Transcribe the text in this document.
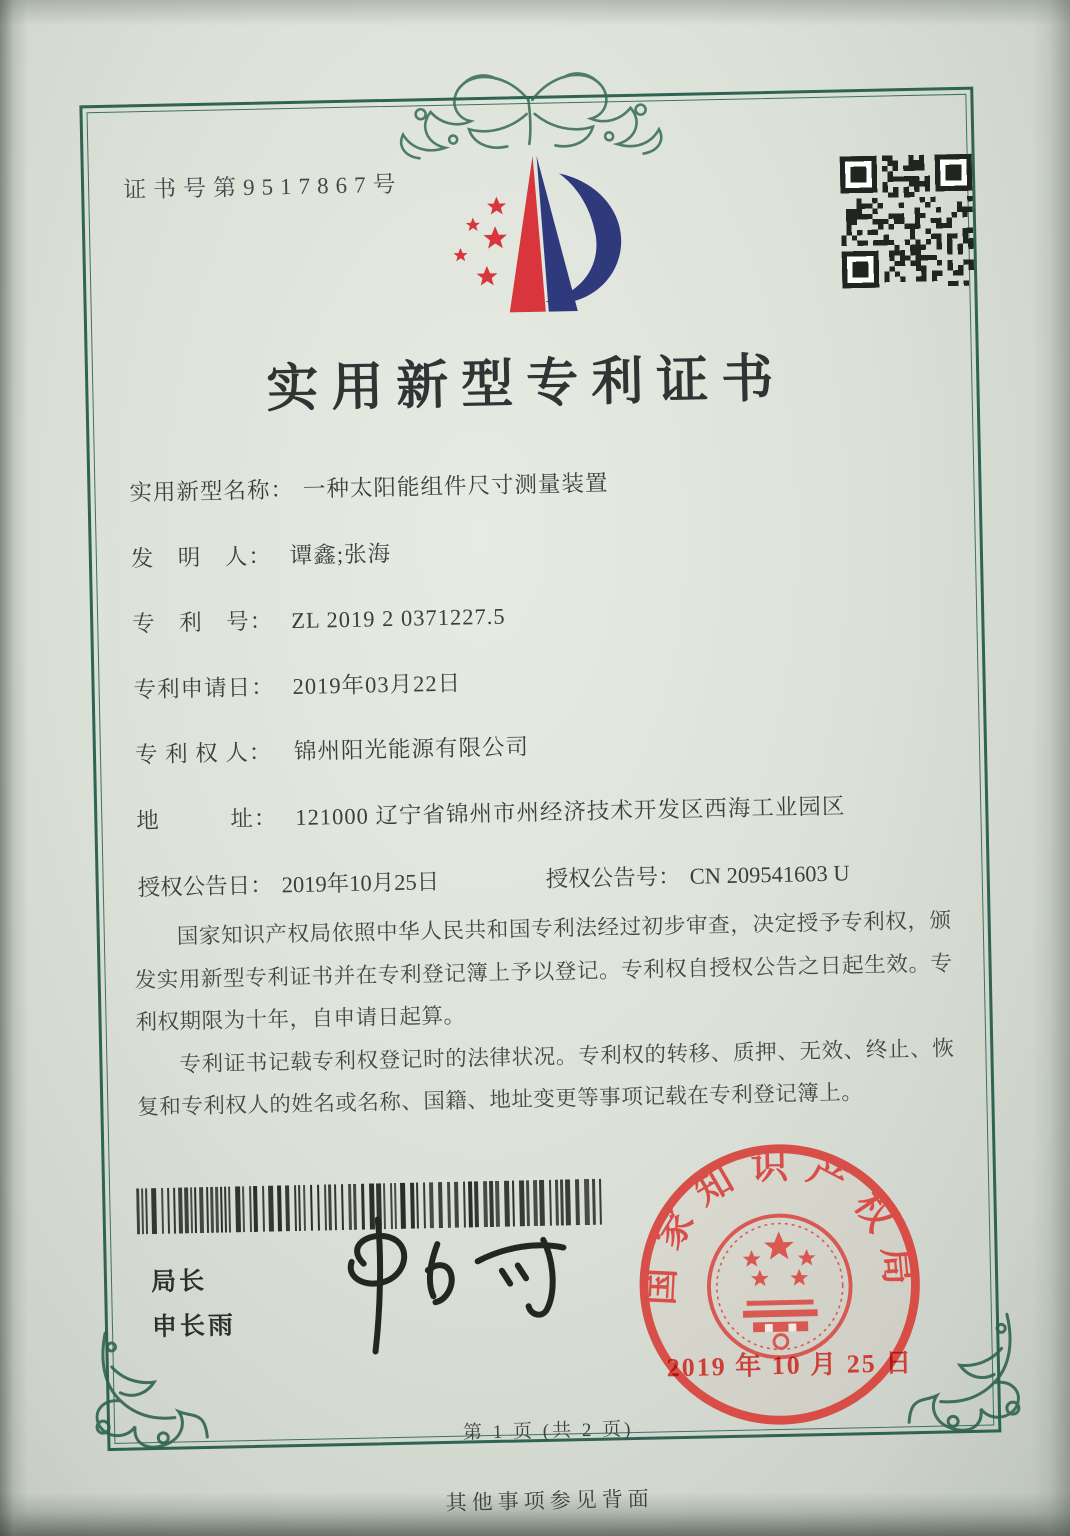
证书号第9517867号
实用新型专利证书
实用新型名称： 一种太阳能组件尺寸测量装置
发　明　人： 谭鑫;张海
专　利　号： ZL 2019 2 0371227.5
专利申请日： 2019年03月22日
专 利 权 人： 锦州阳光能源有限公司
地　　　址： 121000 辽宁省锦州市州经济技术开发区西海工业园区
授权公告日： 2019年10月25日	授权公告号： CN 209541603 U

国家知识产权局依照中华人民共和国专利法经过初步审查，决定授予专利权，颁发实用新型专利证书并在专利登记簿上予以登记。专利权自授权公告之日起生效。专利权期限为十年，自申请日起算。

专利证书记载专利权登记时的法律状况。专利权的转移、质押、无效、终止、恢复和专利权人的姓名或名称、国籍、地址变更等事项记载在专利登记簿上。

局长
申长雨
国家知识产权局
2019 年 10 月 25 日
第 1 页 (共 2 页)
其他事项参见背面
